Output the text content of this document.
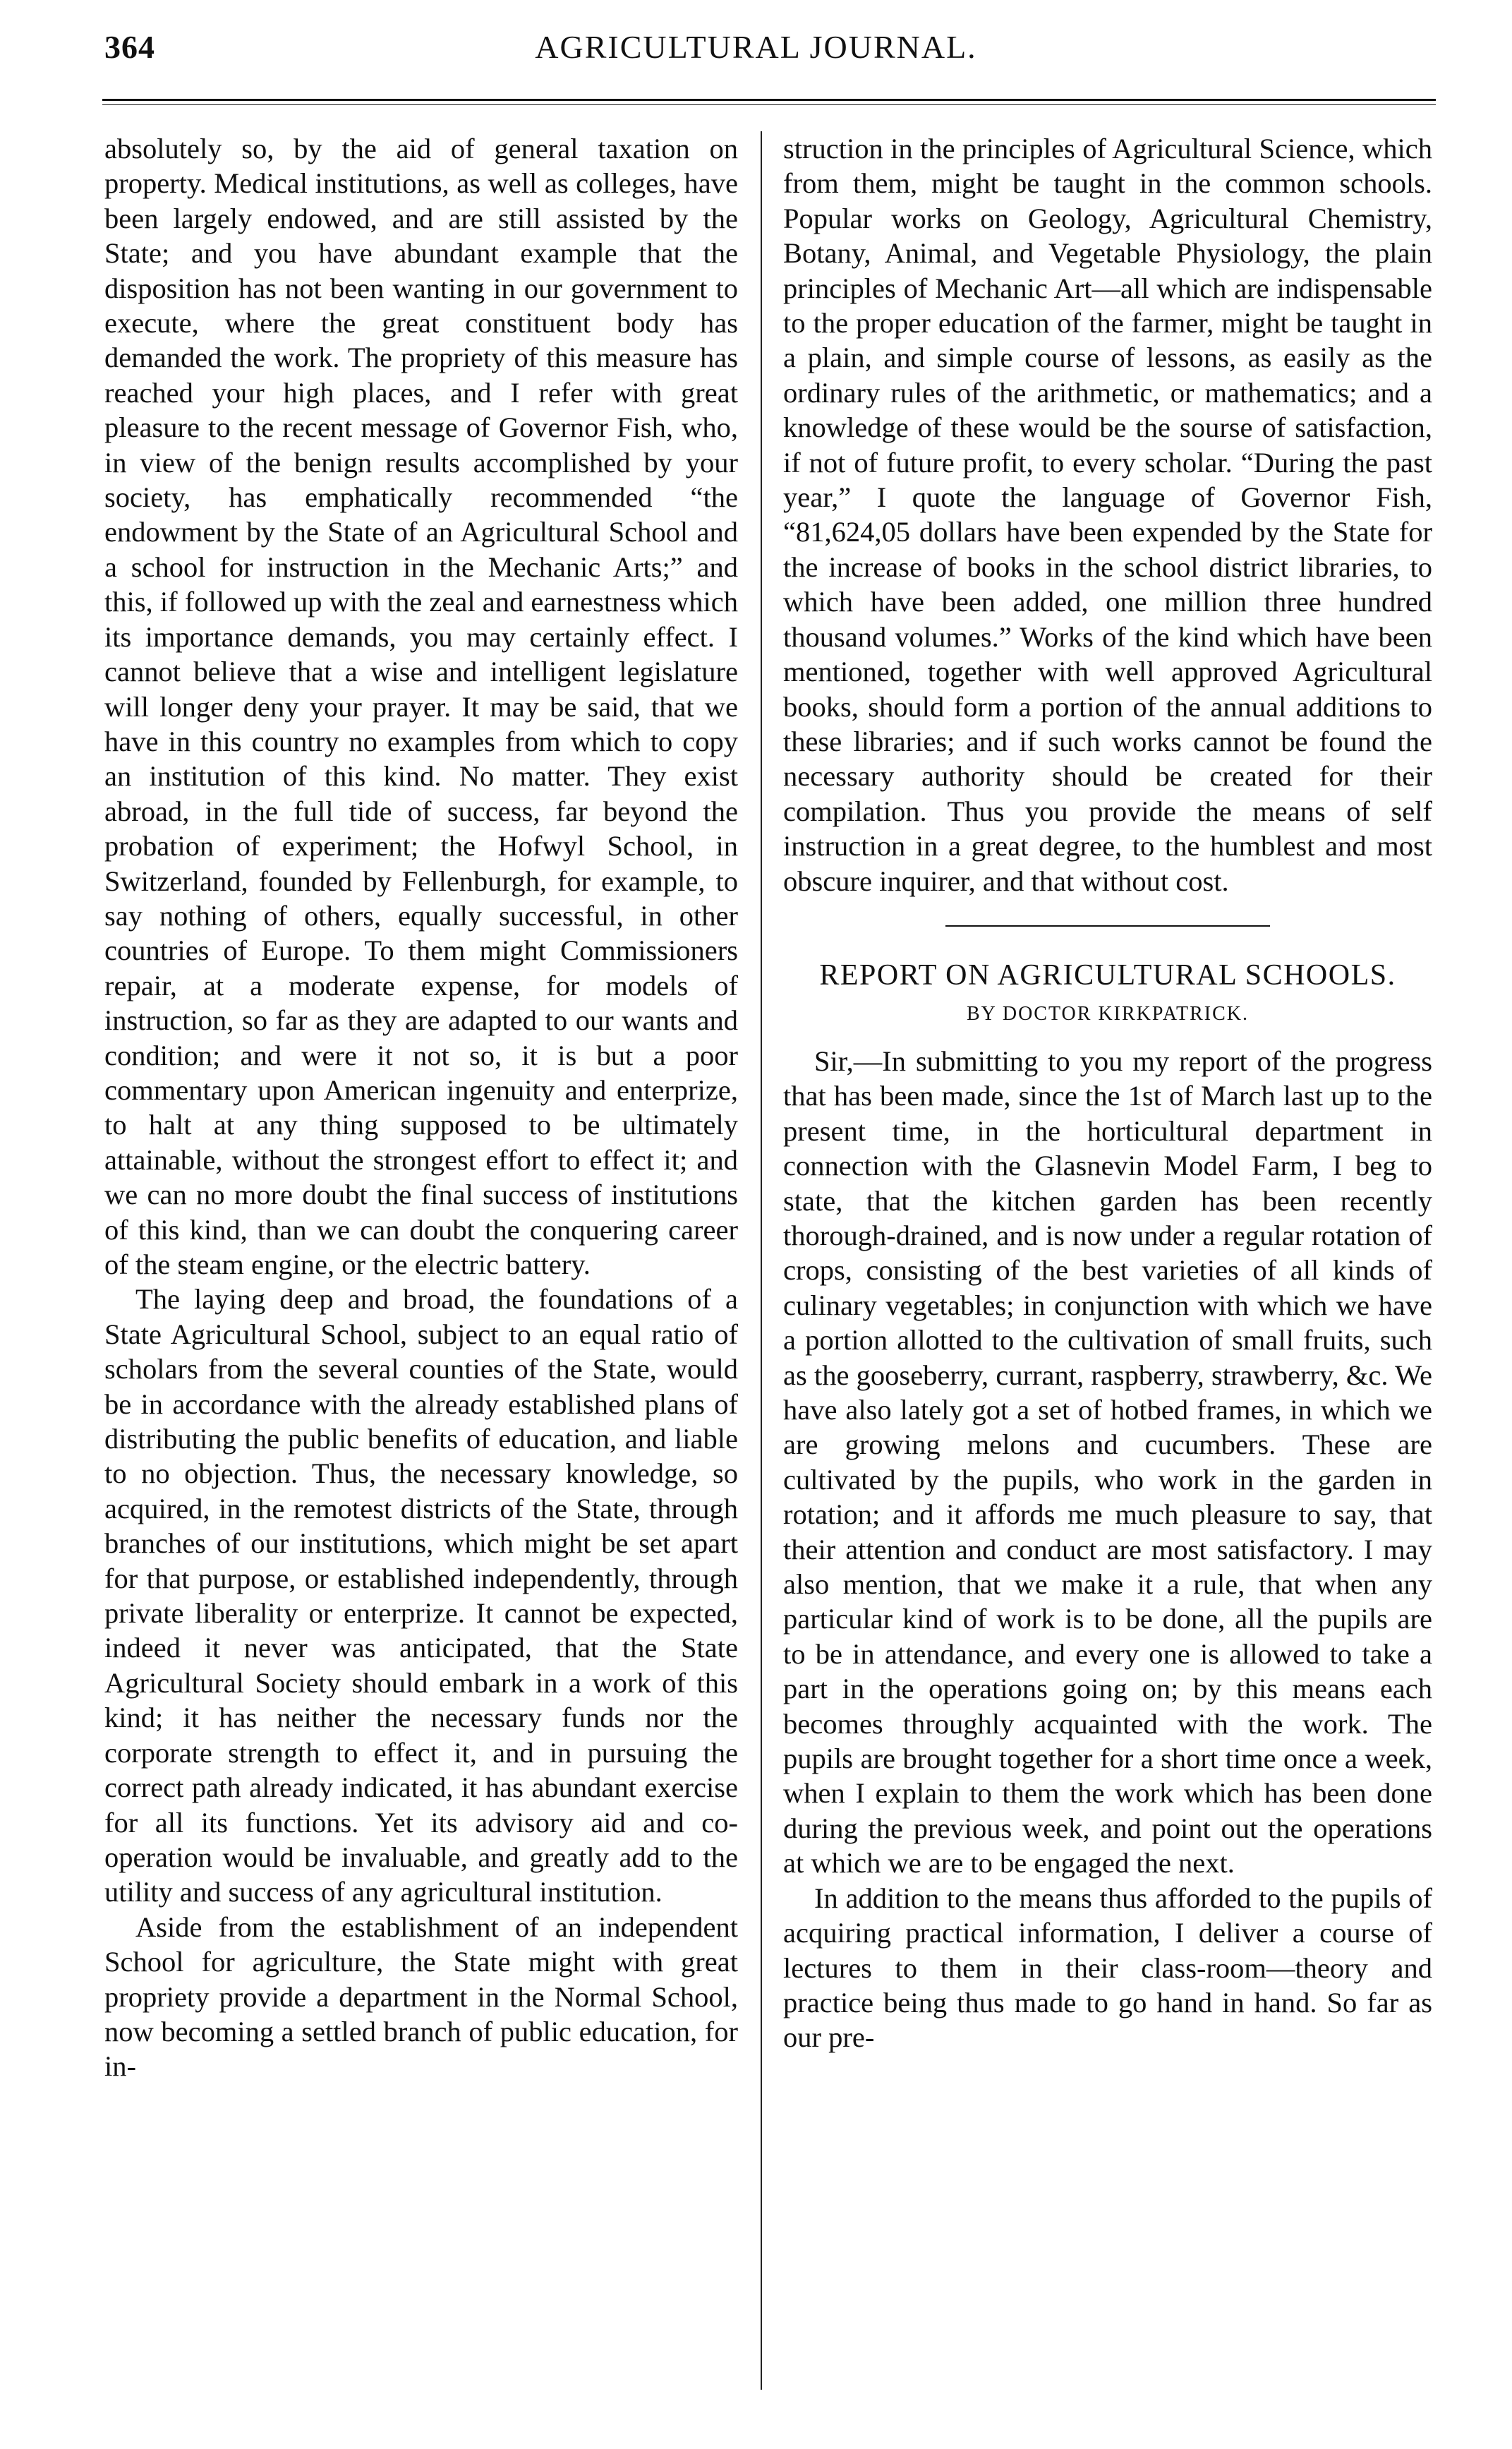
364	AGRICULTURAL JOURNAL.

absolutely so, by the aid of general taxation on property. Medical institutions, as well as colleges, have been largely endowed, and are still assisted by the State; and you have abundant example that the disposition has not been wanting in our government to execute, where the great constituent body has demanded the work. The propriety of this measure has reached your high places, and I refer with great pleasure to the recent message of Governor Fish, who, in view of the benign results accomplished by your society, has emphatically recommended “the endowment by the State of an Agricultural School and a school for instruction in the Mechanic Arts;” and this, if followed up with the zeal and earnestness which its importance demands, you may certainly effect. I cannot believe that a wise and intelligent legislature will longer deny your prayer. It may be said, that we have in this country no examples from which to copy an institution of this kind. No matter. They exist abroad, in the full tide of success, far beyond the probation of experiment; the Hofwyl School, in Switzerland, founded by Fellenburgh, for example, to say nothing of others, equally successful, in other countries of Europe. To them might Commissioners repair, at a moderate expense, for models of instruction, so far as they are adapted to our wants and condition; and were it not so, it is but a poor commentary upon American ingenuity and enterprize, to halt at any thing supposed to be ultimately attainable, without the strongest effort to effect it; and we can no more doubt the final success of institutions of this kind, than we can doubt the conquering career of the steam engine, or the electric battery.

The laying deep and broad, the foundations of a State Agricultural School, subject to an equal ratio of scholars from the several counties of the State, would be in accordance with the already established plans of distributing the public benefits of education, and liable to no objection. Thus, the necessary knowledge, so acquired, in the remotest districts of the State, through branches of our institutions, which might be set apart for that purpose, or established independently, through private liberality or enterprize. It cannot be expected, indeed it never was anticipated, that the State Agricultural Society should embark in a work of this kind; it has neither the necessary funds nor the corporate strength to effect it, and in pursuing the correct path already indicated, it has abundant exercise for all its functions. Yet its advisory aid and co-operation would be invaluable, and greatly add to the utility and success of any agricultural institution.

Aside from the establishment of an independent School for agriculture, the State might with great propriety provide a department in the Normal School, now becoming a settled branch of public education, for in-

struction in the principles of Agricultural Science, which from them, might be taught in the common schools. Popular works on Geology, Agricultural Chemistry, Botany, Animal, and Vegetable Physiology, the plain principles of Mechanic Art—all which are indispensable to the proper education of the farmer, might be taught in a plain, and simple course of lessons, as easily as the ordinary rules of the arithmetic, or mathematics; and a knowledge of these would be the sourse of satisfaction, if not of future profit, to every scholar. “During the past year,” I quote the language of Governor Fish, “81,624,05 dollars have been expended by the State for the increase of books in the school district libraries, to which have been added, one million three hundred thousand volumes.” Works of the kind which have been mentioned, together with well approved Agricultural books, should form a portion of the annual additions to these libraries; and if such works cannot be found the necessary authority should be created for their compilation. Thus you provide the means of self instruction in a great degree, to the humblest and most obscure inquirer, and that without cost.

REPORT ON AGRICULTURAL SCHOOLS.
BY DOCTOR KIRKPATRICK.

Sir,—In submitting to you my report of the progress that has been made, since the 1st of March last up to the present time, in the horticultural department in connection with the Glasnevin Model Farm, I beg to state, that the kitchen garden has been recently thorough-drained, and is now under a regular rotation of crops, consisting of the best varieties of all kinds of culinary vegetables; in conjunction with which we have a portion allotted to the cultivation of small fruits, such as the gooseberry, currant, raspberry, strawberry, &c. We have also lately got a set of hotbed frames, in which we are growing melons and cucumbers. These are cultivated by the pupils, who work in the garden in rotation; and it affords me much pleasure to say, that their attention and conduct are most satisfactory. I may also mention, that we make it a rule, that when any particular kind of work is to be done, all the pupils are to be in attendance, and every one is allowed to take a part in the operations going on; by this means each becomes throughly acquainted with the work. The pupils are brought together for a short time once a week, when I explain to them the work which has been done during the previous week, and point out the operations at which we are to be engaged the next.

In addition to the means thus afforded to the pupils of acquiring practical information, I deliver a course of lectures to them in their class-room—theory and practice being thus made to go hand in hand. So far as our pre-
